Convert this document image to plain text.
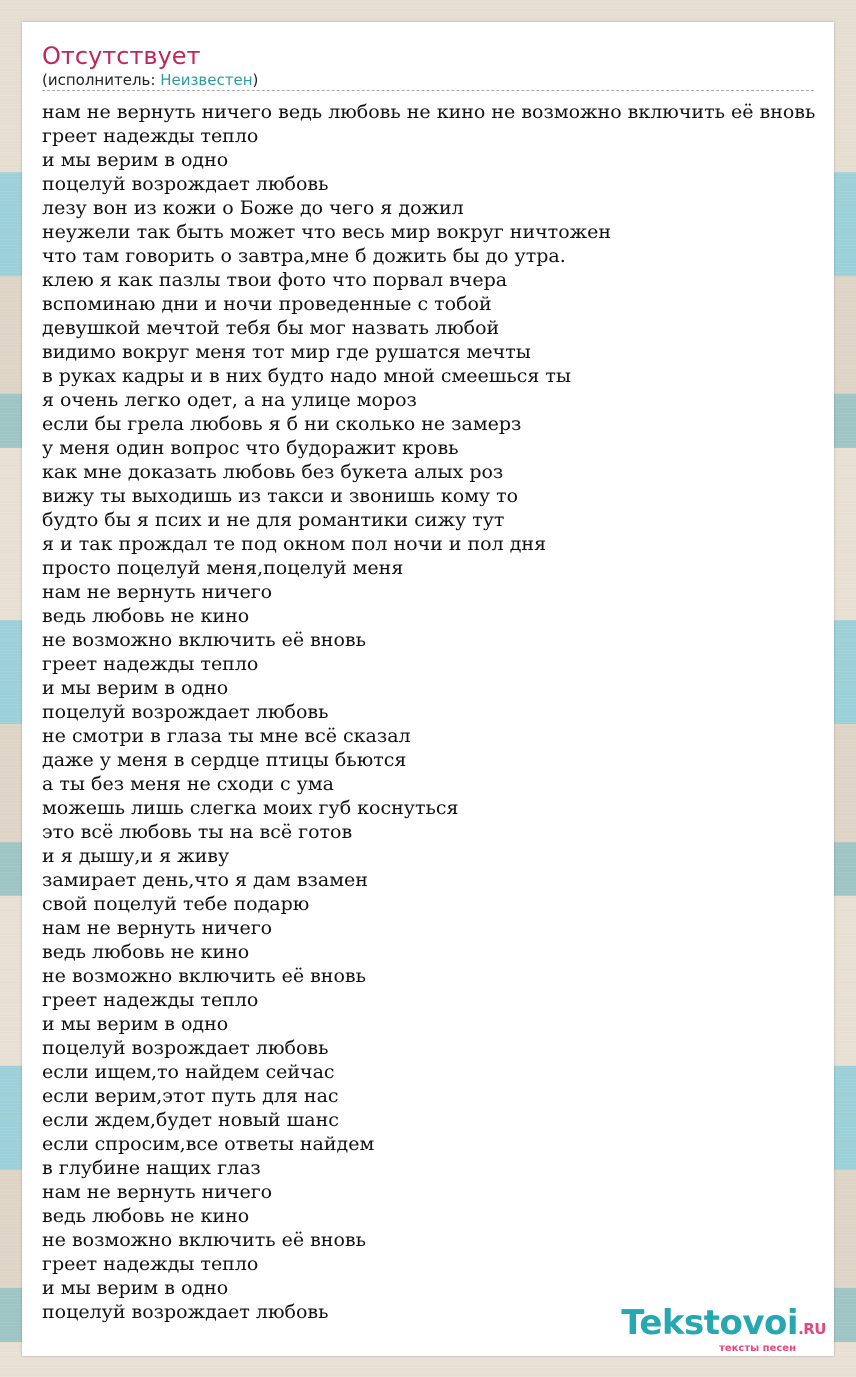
Отсутствует
(исполнитель: Неизвестен)
нам не вернуть ничего ведь любовь не кино не возможно включить её вновь
греет надежды тепло
и мы верим в одно
поцелуй возрождает любовь
лезу вон из кожи о Боже до чего я дожил
неужели так быть может что весь мир вокруг ничтожен
что там говорить о завтра,мне б дожить бы до утра.
клею я как пазлы твои фото что порвал вчера
вспоминаю дни и ночи проведенные с тобой
девушкой мечтой тебя бы мог назвать любой
видимо вокруг меня тот мир где рушатся мечты
в руках кадры и в них будто надо мной смеешься ты
я очень легко одет, а на улице мороз
если бы грела любовь я б ни сколько не замерз
у меня один вопрос что будоражит кровь
как мне доказать любовь без букета алых роз
вижу ты выходишь из такси и звонишь кому то
будто бы я псих и не для романтики сижу тут
я и так прождал те под окном пол ночи и пол дня
просто поцелуй меня,поцелуй меня
нам не вернуть ничего
ведь любовь не кино
не возможно включить её вновь
греет надежды тепло
и мы верим в одно
поцелуй возрождает любовь
не смотри в глаза ты мне всё сказал
даже у меня в сердце птицы бьются
а ты без меня не сходи с ума
можешь лишь слегка моих губ коснуться
это всё любовь ты на всё готов
и я дышу,и я живу
замирает день,что я дам взамен
свой поцелуй тебе подарю
нам не вернуть ничего
ведь любовь не кино
не возможно включить её вновь
греет надежды тепло
и мы верим в одно
поцелуй возрождает любовь
если ищем,то найдем сейчас
если верим,этот путь для нас
если ждем,будет новый шанс
если спросим,все ответы найдем
в глубине нащих глаз
нам не вернуть ничего
ведь любовь не кино
не возможно включить её вновь
греет надежды тепло
и мы верим в одно
поцелуй возрождает любовь	Tekstovoi.RU
тексты песен
